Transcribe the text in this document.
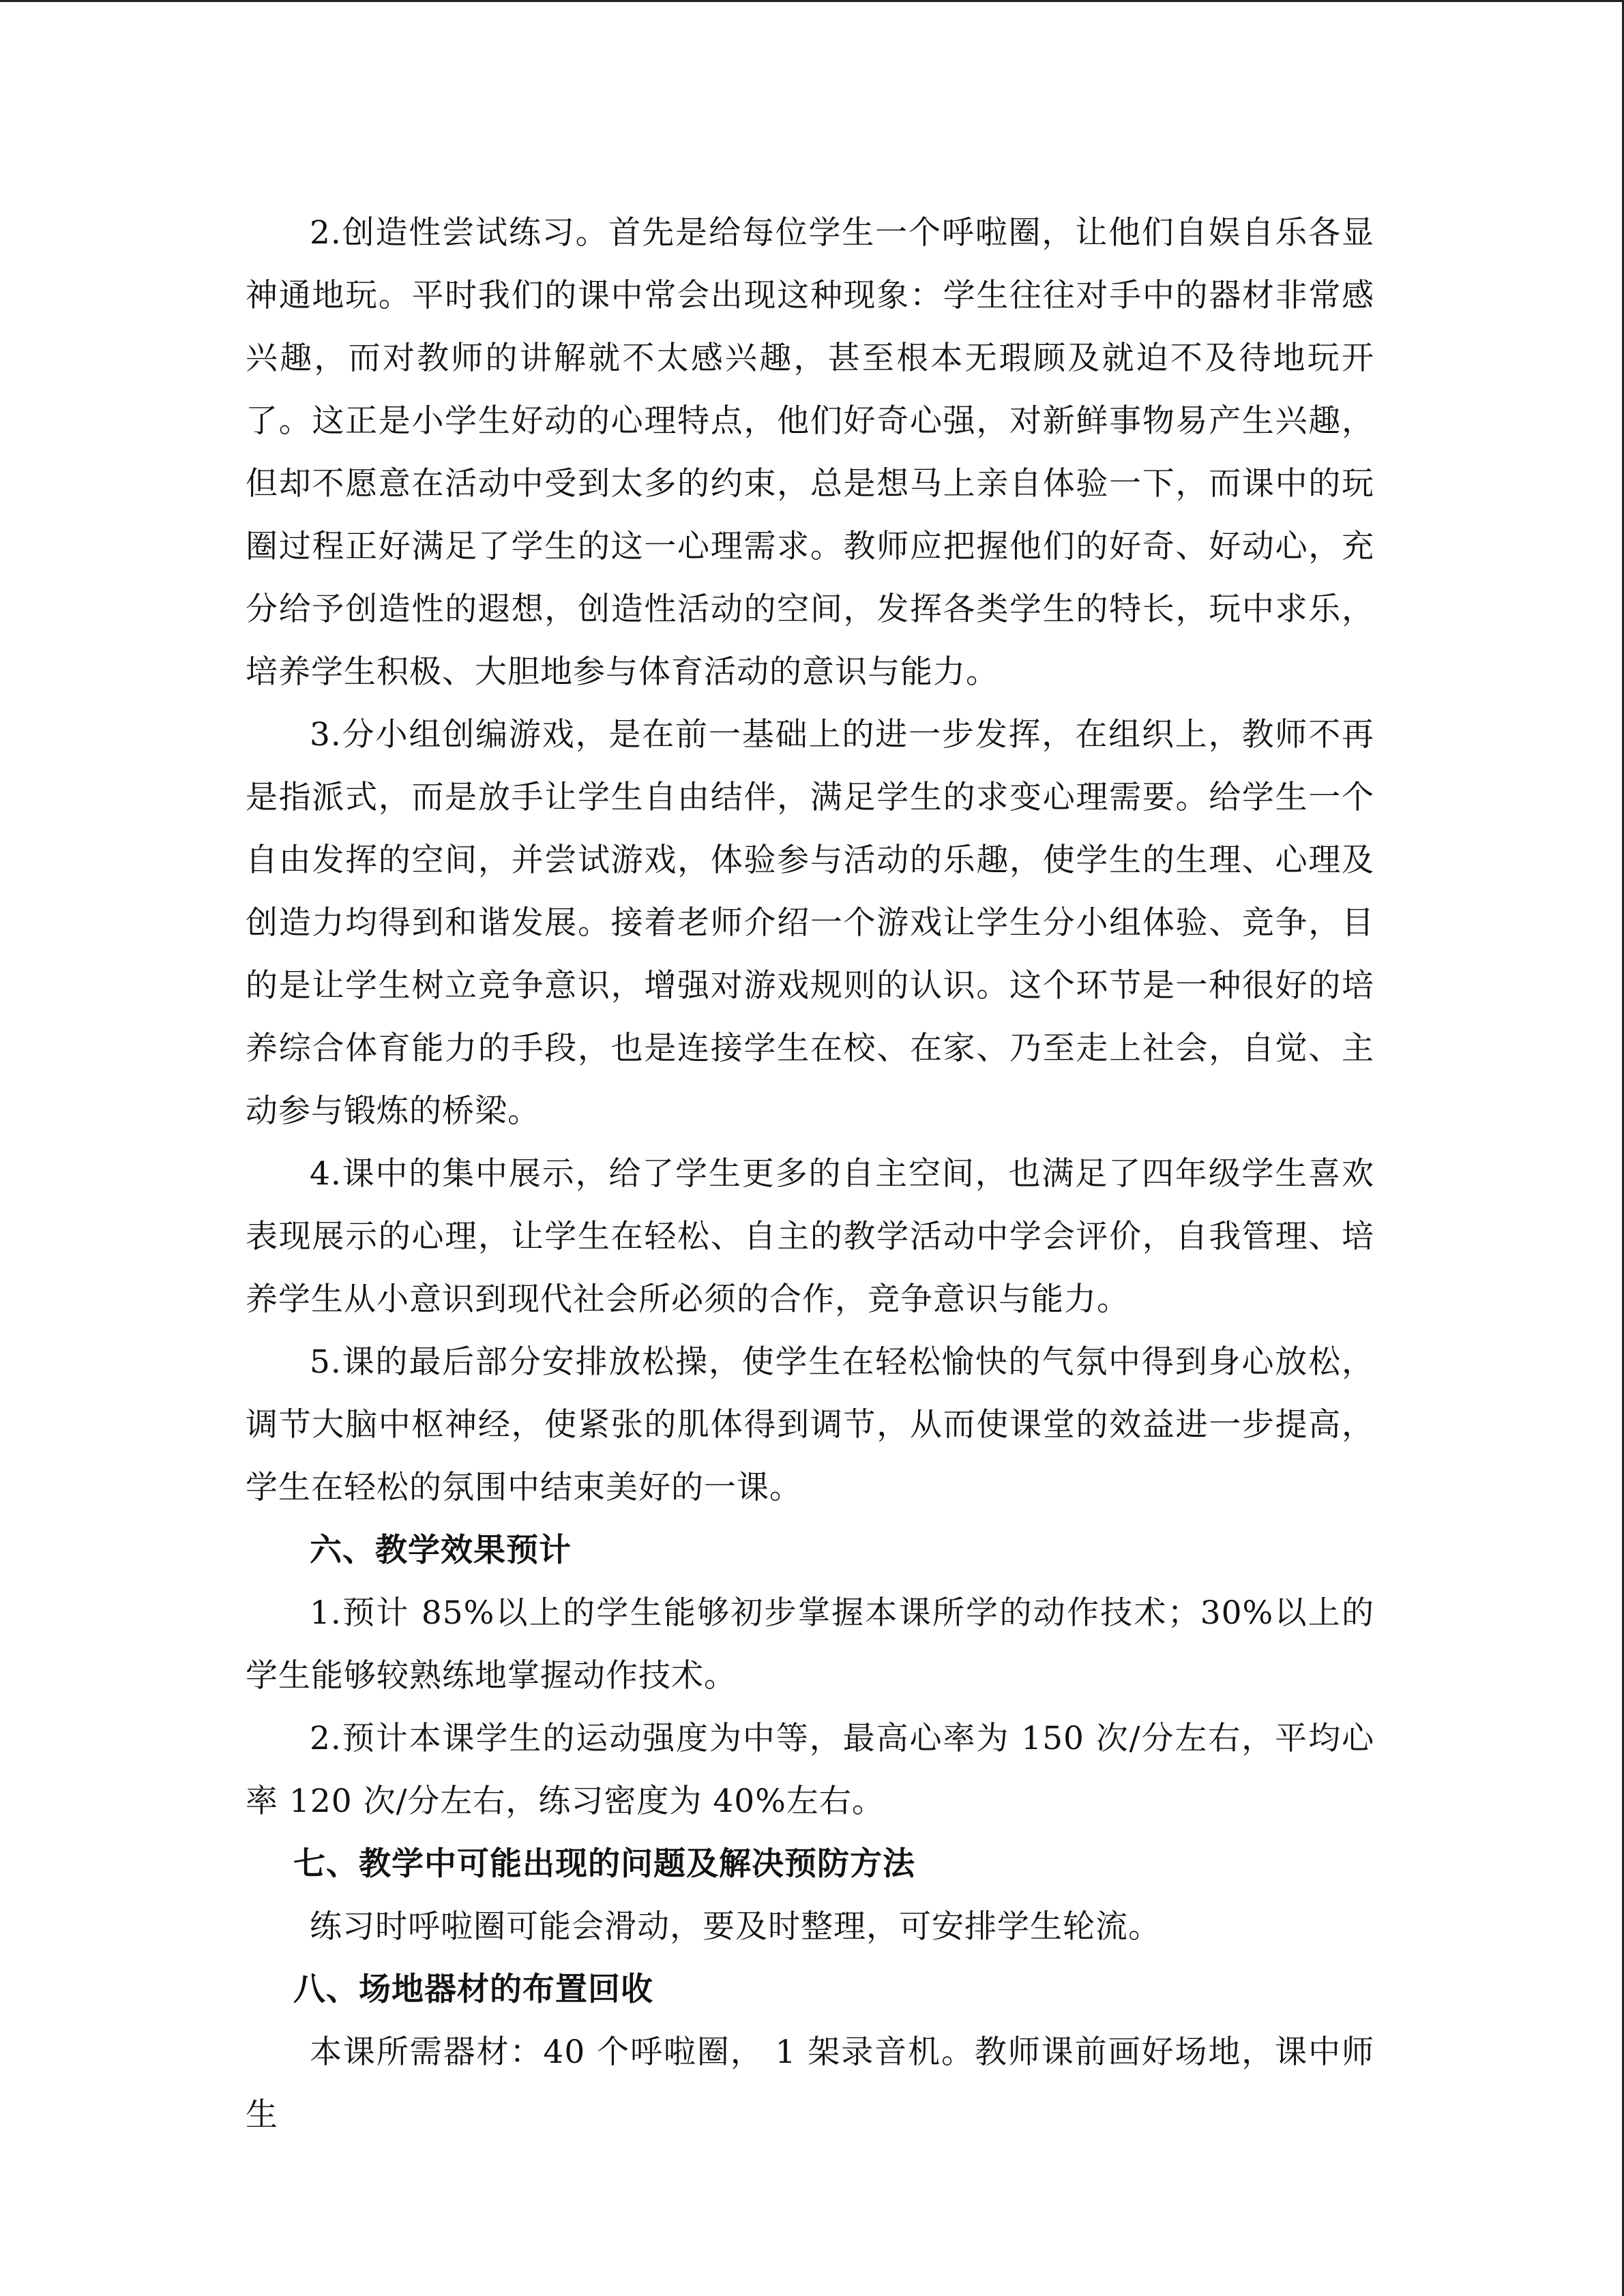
2.创造性尝试练习。首先是给每位学生一个呼啦圈，让他们自娱自乐各显神通地玩。平时我们的课中常会出现这种现象：学生往往对手中的器材非常感兴趣，而对教师的讲解就不太感兴趣，甚至根本无瑕顾及就迫不及待地玩开了。这正是小学生好动的心理特点，他们好奇心强，对新鲜事物易产生兴趣，但却不愿意在活动中受到太多的约束，总是想马上亲自体验一下，而课中的玩圈过程正好满足了学生的这一心理需求。教师应把握他们的好奇、好动心，充分给予创造性的遐想，创造性活动的空间，发挥各类学生的特长，玩中求乐，培养学生积极、大胆地参与体育活动的意识与能力。

3.分小组创编游戏，是在前一基础上的进一步发挥，在组织上，教师不再是指派式，而是放手让学生自由结伴，满足学生的求变心理需要。给学生一个自由发挥的空间，并尝试游戏，体验参与活动的乐趣，使学生的生理、心理及创造力均得到和谐发展。接着老师介绍一个游戏让学生分小组体验、竞争，目的是让学生树立竞争意识，增强对游戏规则的认识。这个环节是一种很好的培养综合体育能力的手段，也是连接学生在校、在家、乃至走上社会，自觉、主动参与锻炼的桥梁。

4.课中的集中展示，给了学生更多的自主空间，也满足了四年级学生喜欢表现展示的心理，让学生在轻松、自主的教学活动中学会评价，自我管理、培养学生从小意识到现代社会所必须的合作，竞争意识与能力。

5.课的最后部分安排放松操，使学生在轻松愉快的气氛中得到身心放松，调节大脑中枢神经，使紧张的肌体得到调节，从而使课堂的效益进一步提高，学生在轻松的氛围中结束美好的一课。

六、教学效果预计

1.预计 85%以上的学生能够初步掌握本课所学的动作技术；30%以上的学生能够较熟练地掌握动作技术。

2.预计本课学生的运动强度为中等，最高心率为 150 次/分左右，平均心率 120 次/分左右，练习密度为 40%左右。

七、教学中可能出现的问题及解决预防方法

练习时呼啦圈可能会滑动，要及时整理，可安排学生轮流。

八、场地器材的布置回收

本课所需器材：40 个呼啦圈， 1 架录音机。教师课前画好场地，课中师生
